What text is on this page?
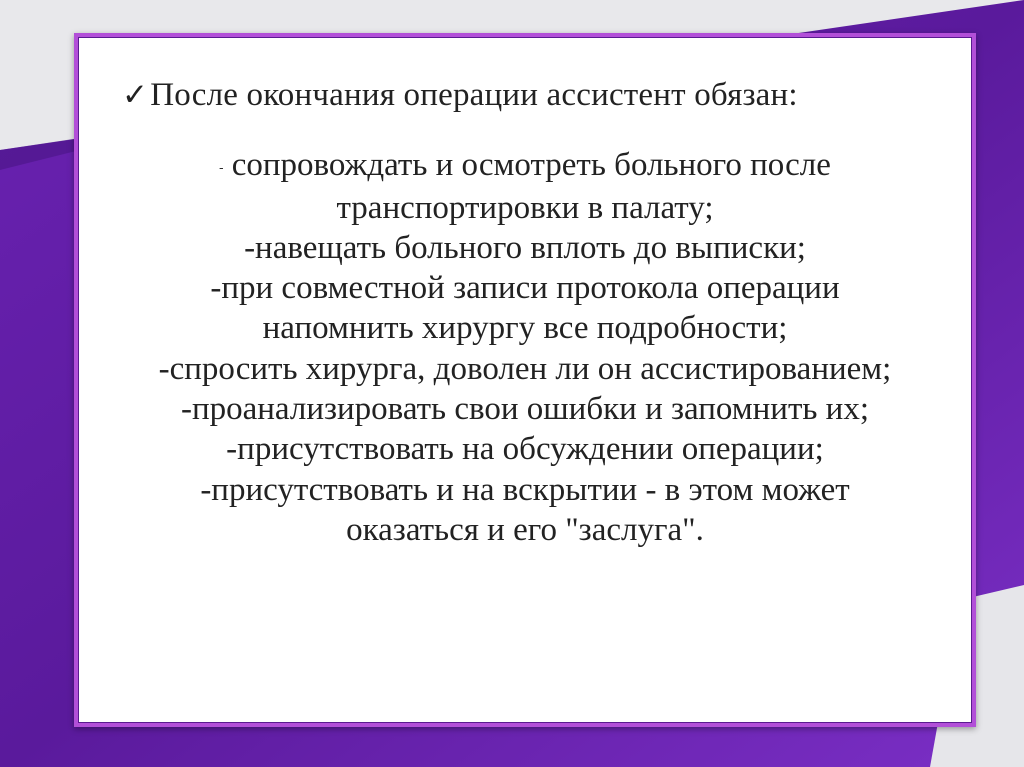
✓После окончания операции ассистент обязан:
- сопровождать и осмотреть больного после
транспортировки в палату;
-навещать больного вплоть до выписки;
-при совместной записи протокола операции
напомнить хирургу все подробности;
-спросить хирурга, доволен ли он ассистированием;
-проанализировать свои ошибки и запомнить их;
-присутствовать на обсуждении операции;
-присутствовать и на вскрытии - в этом может
оказаться и его "заслуга".
